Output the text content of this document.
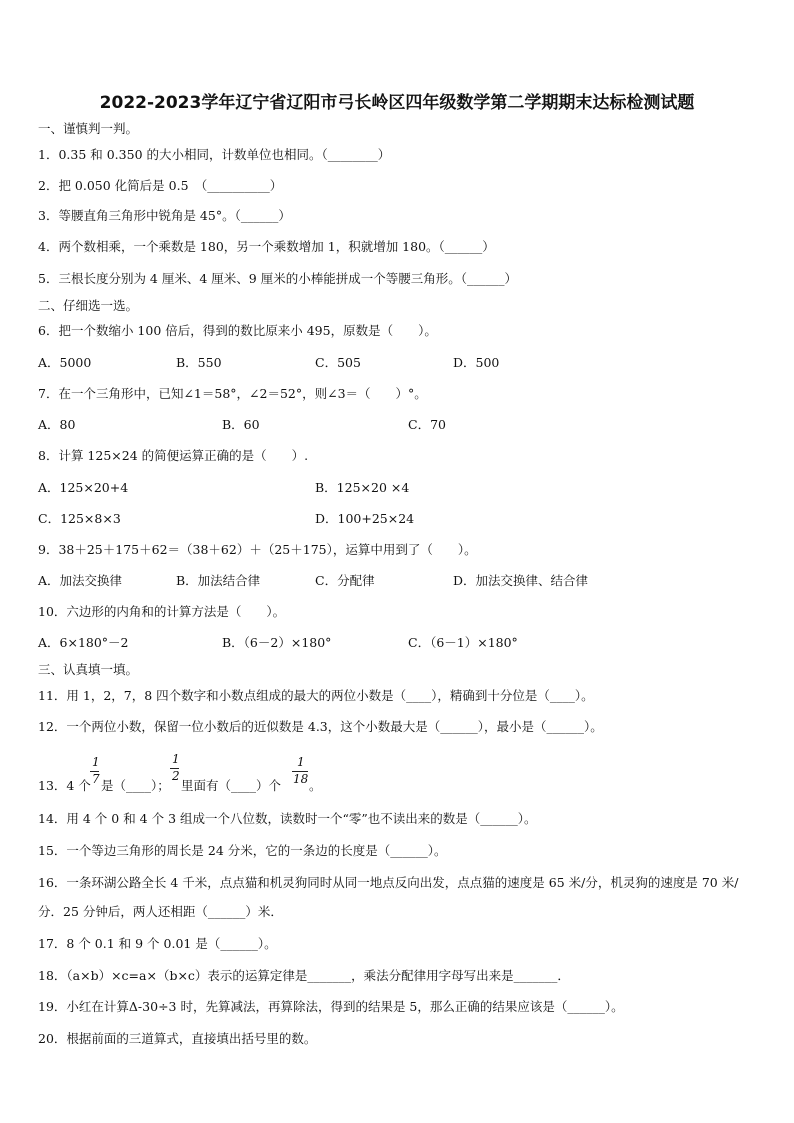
2022-2023学年辽宁省辽阳市弓长岭区四年级数学第二学期期末达标检测试题
一、谨慎判一判。
1．0.35 和 0.350 的大小相同，计数单位也相同。（________）
2．把 0.050 化简后是 0.5　（__________）
3．等腰直角三角形中锐角是 45°。（______）
4．两个数相乘，一个乘数是 180，另一个乘数增加 1，积就增加 180。（______）
5．三根长度分别为 4 厘米、4 厘米、9 厘米的小棒能拼成一个等腰三角形。（______）
二、仔细选一选。
6．把一个数缩小 100 倍后，得到的数比原来小 495，原数是（　　）。
A．5000	B．550	C．505	D．500
7．在一个三角形中，已知∠1＝58°，∠2＝52°，则∠3＝（　　）°。
A．80	B．60	C．70
8．计算 125×24 的简便运算正确的是（　　）.
A．125×20+4	B．125×20 ×4
C．125×8×3	D．100+25×24
9．38＋25＋175＋62＝（38＋62）＋（25＋175），运算中用到了（　　）。
A．加法交换律	B．加法结合律	C．分配律	D．加法交换律、结合律
10．六边形的内角和的计算方法是（　　）。
A．6×180°－2	B．（6－2）×180°	C．（6－1）×180°
三、认真填一填。
11．用 1，2，7，8 四个数字和小数点组成的最大的两位小数是（____），精确到十分位是（____）。
12．一个两位小数，保留一位小数后的近似数是 4.3，这个小数最大是（______），最小是（______）。
13．4 个
1
7 是（____）；
1
2
里面有（____）个
1
18 。
14．用 4 个 0 和 4 个 3 组成一个八位数，读数时一个“零”也不读出来的数是（______）。
15．一个等边三角形的周长是 24 分米，它的一条边的长度是（______）。
16．一条环湖公路全长 4 千米，点点猫和机灵狗同时从同一地点反向出发，点点猫的速度是 65 米/分，机灵狗的速度是 70 米/分．25 分钟后，两人还相距（______）米．
17．8 个 0.1 和 9 个 0.01 是（______）。
18．（a×b）×c=a×（b×c）表示的运算定律是_______，乘法分配律用字母写出来是_______．
19．小红在计算Δ-30÷3 时，先算减法，再算除法，得到的结果是 5，那么正确的结果应该是（______）。
20．根据前面的三道算式，直接填出括号里的数。
